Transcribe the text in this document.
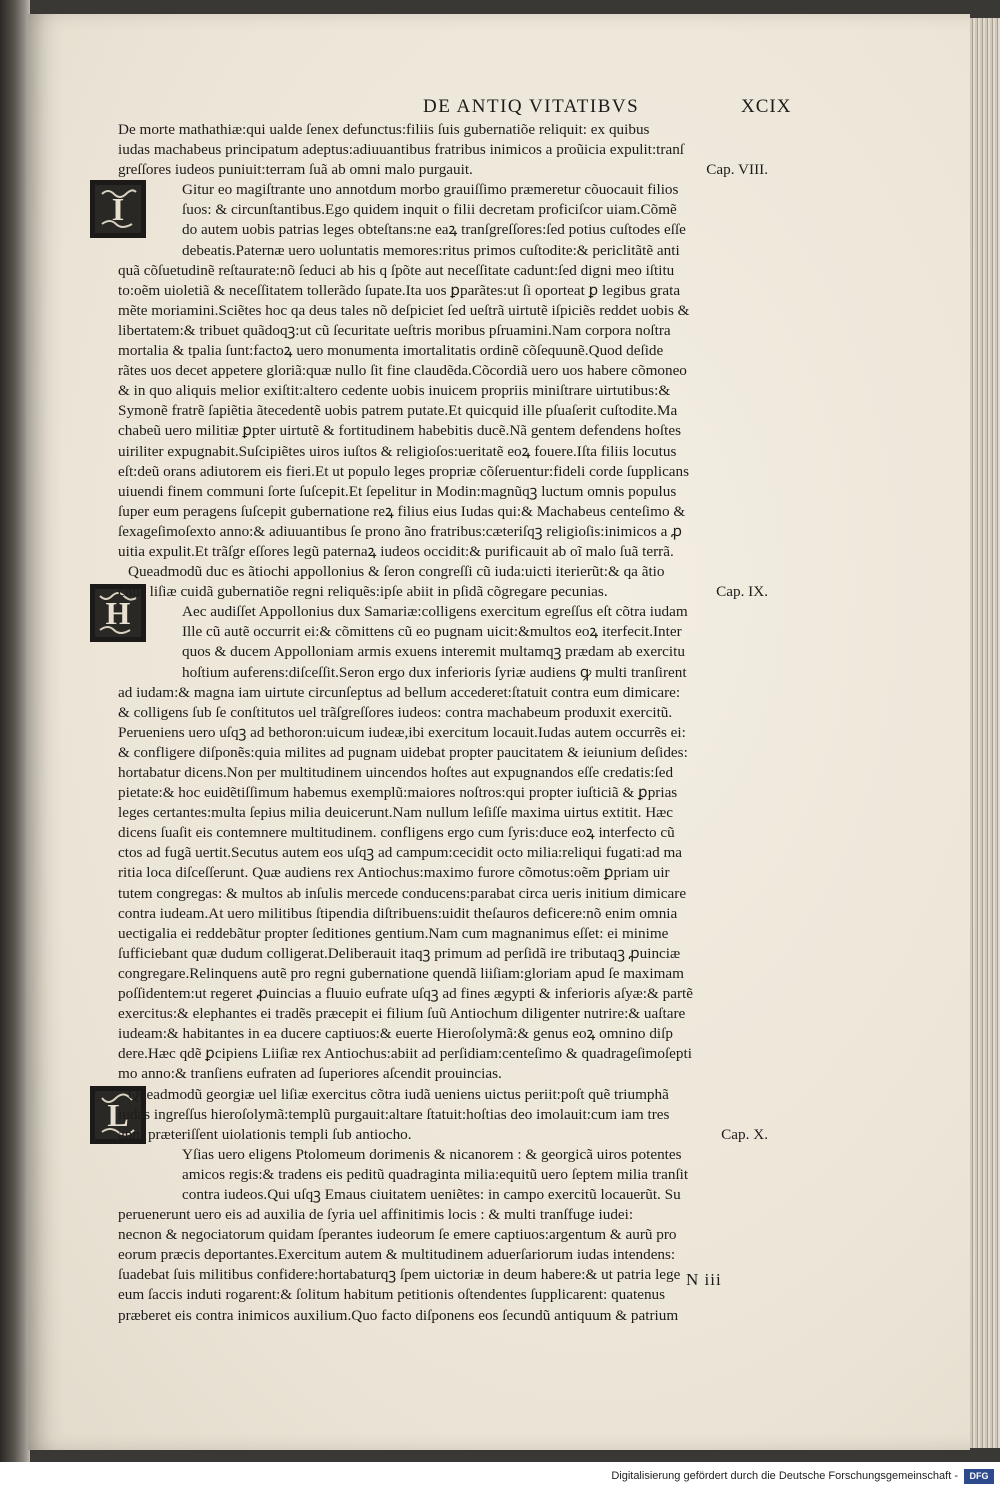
DE ANTIQ VITATIBVS	XCIX
I
H
L
De morte mathathiæ:qui ualde ſenex defunctus:filiis ſuis gubernatiõe reliquit: ex quibus
iudas machabeus principatum adeptus:adiuuantibus fratribus inimicos a proũicia expulit:tranſ
greſſores iudeos puniuit:terram ſuã ab omni malo purgauit.	Cap. VIII.
Gitur eo magiſtrante uno annotdum morbo grauiſſimo præmeretur cõuocauit filios
ſuos: & circunſtantibus.Ego quidem inquit o filii decretam proficiſcor uiam.Cõmẽ
do autem uobis patrias leges obteſtans:ne eaꝝ tranſgreſſores:ſed potius cuſtodes eſſe
debeatis.Paternæ uero uoluntatis memores:ritus primos cuſtodite:& periclitãtẽ anti
quã cõſuetudinẽ reſtaurate:nõ ſeduci ab his q ſpõte aut neceſſitate cadunt:ſed digni meo iſtitu
to:oẽm uioletiã & neceſſitatem tollerãdo ſupate.Ita uos ꝑparãtes:ut ſi oporteat ꝑ legibus grata
mẽte moriamini.Sciẽtes hoc qa deus tales nõ deſpiciet ſed ueſtrã uirtutẽ iſpiciẽs reddet uobis &
libertatem:& tribuet quãdoqꝫ:ut cũ ſecuritate ueſtris moribus pſruamini.Nam corpora noſtra
mortalia & tpalia ſunt:factoꝝ uero monumenta imortalitatis ordinẽ cõſequunẽ.Quod deſide
rãtes uos decet appetere gloriã:quæ nullo ſit fine claudẽda.Cõcordiã uero uos habere cõmoneo
& in quo aliquis melior exiſtit:altero cedente uobis inuicem propriis miniſtrare uirtutibus:&
Symonẽ fratrẽ ſapiẽtia ãtecedentẽ uobis patrem putate.Et quicquid ille pſuaſerit cuſtodite.Ma
chabeũ uero militiæ ꝑpter uirtutẽ & fortitudinem habebitis ducẽ.Nã gentem defendens hoſtes
uiriliter expugnabit.Suſcipiẽtes uiros iuſtos & religioſos:ueritatẽ eoꝝ fouere.Iſta filiis locutus
eſt:deũ orans adiutorem eis fieri.Et ut populo leges propriæ cõſeruentur:fideli corde ſupplicans
uiuendi finem communi ſorte ſuſcepit.Et ſepelitur in Modin:magnũqꝫ luctum omnis populus
ſuper eum peragens ſuſcepit gubernatione reꝝ filius eius Iudas qui:& Machabeus centeſimo &
ſexageſimoſexto anno:& adiuuantibus ſe prono ãno fratribus:cæteriſqꝫ religioſis:inimicos a ꝓ
uitia expulit.Et trãſgr eſſores legũ paternaꝝ iudeos occidit:& purificauit ab oĩ malo ſuã terrã.
Queadmodũ duc es ãtiochi appollonius & ſeron congreſſi cũ iuda:uicti iterierũt:& qa ãtio
chus liſiæ cuidã gubernatiõe regni reliquẽs:ipſe abiit in pſidã cõgregare pecunias.	Cap. IX.
Aec audiſſet Appollonius dux Samariæ:colligens exercitum egreſſus eſt cõtra iudam
Ille cũ autẽ occurrit ei:& cõmittens cũ eo pugnam uicit:&multos eoꝝ iterfecit.Inter
quos & ducem Appolloniam armis exuens interemit multamqꝫ prædam ab exercitu
hoſtium auferens:diſceſſit.Seron ergo dux inferioris ſyriæ audiens ꝙ multi tranſirent
ad iudam:& magna iam uirtute circunſeptus ad bellum accederet:ſtatuit contra eum dimicare:
& colligens ſub ſe conſtitutos uel trãſgreſſores iudeos: contra machabeum produxit exercitũ.
Perueniens uero uſqꝫ ad bethoron:uicum iudeæ,ibi exercitum locauit.Iudas autem occurrẽs ei:
& confligere diſponẽs:quia milites ad pugnam uidebat propter paucitatem & ieiunium deſides:
hortabatur dicens.Non per multitudinem uincendos hoſtes aut expugnandos eſſe credatis:ſed
pietate:& hoc euidẽtiſſimum habemus exemplũ:maiores noſtros:qui propter iuſticiã & ꝑprias
leges certantes:multa ſepius milia deuicerunt.Nam nullum leſiſſe maxima uirtus extitit. Hæc
dicens ſuaſit eis contemnere multitudinem. confligens ergo cum ſyris:duce eoꝝ interfecto cũ
ctos ad fugã uertit.Secutus autem eos uſqꝫ ad campum:cecidit octo milia:reliqui fugati:ad ma
ritia loca diſceſſerunt. Quæ audiens rex Antiochus:maximo furore cõmotus:oẽm ꝑpriam uir
tutem congregas: & multos ab inſulis mercede conducens:parabat circa ueris initium dimicare
contra iudeam.At uero militibus ſtipendia diſtribuens:uidit theſauros deficere:nõ enim omnia
uectigalia ei reddebãtur propter ſeditiones gentium.Nam cum magnanimus eſſet: ei minime
ſufficiebant quæ dudum colligerat.Deliberauit itaqꝫ primum ad perſidã ire tributaqꝫ ꝓuinciæ
congregare.Relinquens autẽ pro regni gubernatione quendã liiſiam:gloriam apud ſe maximam
poſſidentem:ut regeret ꝓuincias a fluuio eufrate uſqꝫ ad fines ægypti & inferioris aſyæ:& partẽ
exercitus:& elephantes ei tradẽs præcepit ei filium ſuũ Antiochum diligenter nutrire:& uaſtare
iudeam:& habitantes in ea ducere captiuos:& euerte Hieroſolymã:& genus eoꝝ omnino diſp
dere.Hæc qdẽ ꝑcipiens Liiſiæ rex Antiochus:abiit ad perſidiam:centeſimo & quadrageſimoſepti
mo anno:& tranſiens eufraten ad ſuperiores aſcendit prouincias.
Queadmodũ georgiæ uel liſiæ exercitus cõtra iudã ueniens uictus periit:poſt quẽ triumphã
iudas ingreſſus hieroſolymã:templũ purgauit:altare ſtatuit:hoſtias deo imolauit:cum iam tres
anni præteriſſent uiolationis templi ſub antiocho.	Cap. X.
Yſias uero eligens Ptolomeum dorimenis & nicanorem : & georgicã uiros potentes
amicos regis:& tradens eis peditũ quadraginta milia:equitũ uero ſeptem milia tranſit
contra iudeos.Qui uſqꝫ Emaus ciuitatem ueniẽtes: in campo exercitũ locauerũt. Su
peruenerunt uero eis ad auxilia de ſyria uel affinitimis locis : & multi tranſfuge iudei:
necnon & negociatorum quidam ſperantes iudeorum ſe emere captiuos:argentum & aurũ pro
eorum præcis deportantes.Exercitum autem & multitudinem aduerſariorum iudas intendens:
ſuadebat ſuis militibus confidere:hortabaturqꝫ ſpem uictoriæ in deum habere:& ut patria lege
eum ſaccis induti rogarent:& ſolitum habitum petitionis oſtendentes ſupplicarent: quatenus
præberet eis contra inimicos auxilium.Quo facto diſponens eos ſecundũ antiquum & patrium
N iii
Digitalisierung gefördert durch die Deutsche Forschungsgemeinschaft -	DFG
